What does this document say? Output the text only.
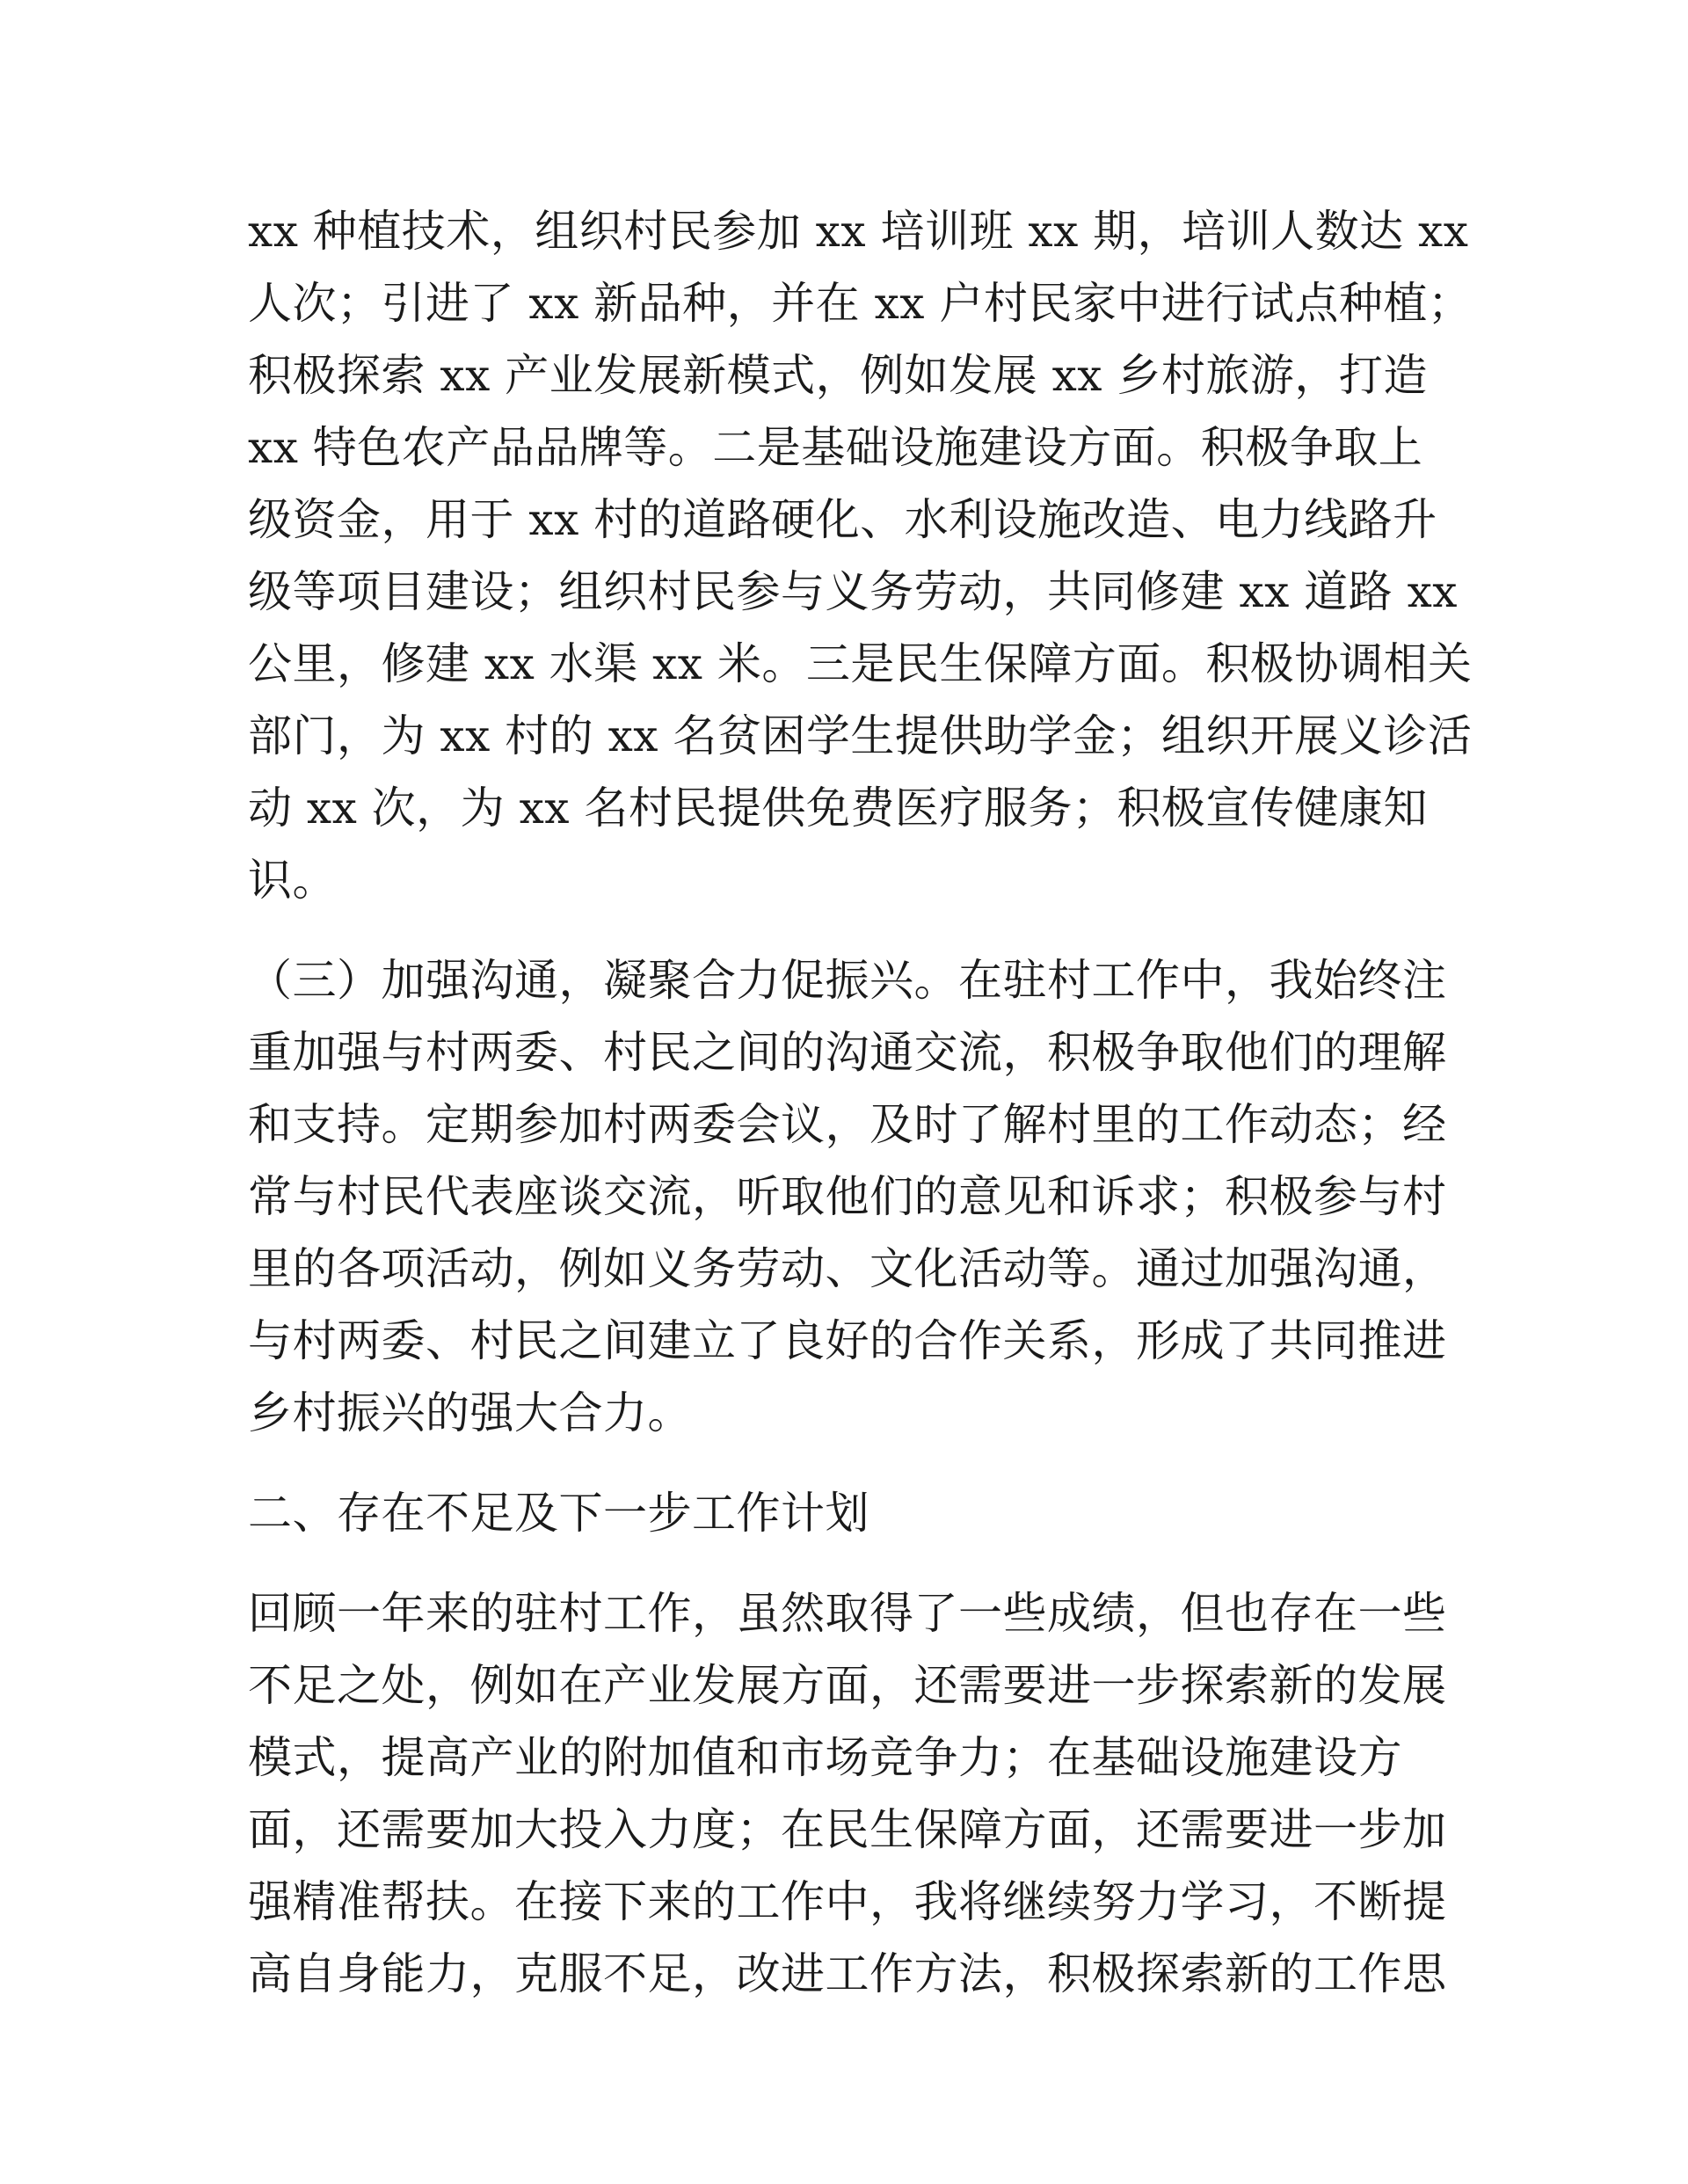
xx 种植技术，组织村民参加 xx 培训班 xx 期，培训人数达 xx
人次；引进了 xx 新品种，并在 xx 户村民家中进行试点种植；
积极探索 xx 产业发展新模式，例如发展 xx 乡村旅游，打造
xx 特色农产品品牌等。二是基础设施建设方面。积极争取上
级资金，用于 xx 村的道路硬化、水利设施改造、电力线路升
级等项目建设；组织村民参与义务劳动，共同修建 xx 道路 xx
公里，修建 xx 水渠 xx 米。三是民生保障方面。积极协调相关
部门，为 xx 村的 xx 名贫困学生提供助学金；组织开展义诊活
动 xx 次，为 xx 名村民提供免费医疗服务；积极宣传健康知
识。
（三）加强沟通，凝聚合力促振兴。在驻村工作中，我始终注
重加强与村两委、村民之间的沟通交流，积极争取他们的理解
和支持。定期参加村两委会议，及时了解村里的工作动态；经
常与村民代表座谈交流，听取他们的意见和诉求；积极参与村
里的各项活动，例如义务劳动、文化活动等。通过加强沟通，
与村两委、村民之间建立了良好的合作关系，形成了共同推进
乡村振兴的强大合力。
二、存在不足及下一步工作计划
回顾一年来的驻村工作，虽然取得了一些成绩，但也存在一些
不足之处，例如在产业发展方面，还需要进一步探索新的发展
模式，提高产业的附加值和市场竞争力；在基础设施建设方
面，还需要加大投入力度；在民生保障方面，还需要进一步加
强精准帮扶。在接下来的工作中，我将继续努力学习，不断提
高自身能力，克服不足，改进工作方法，积极探索新的工作思
